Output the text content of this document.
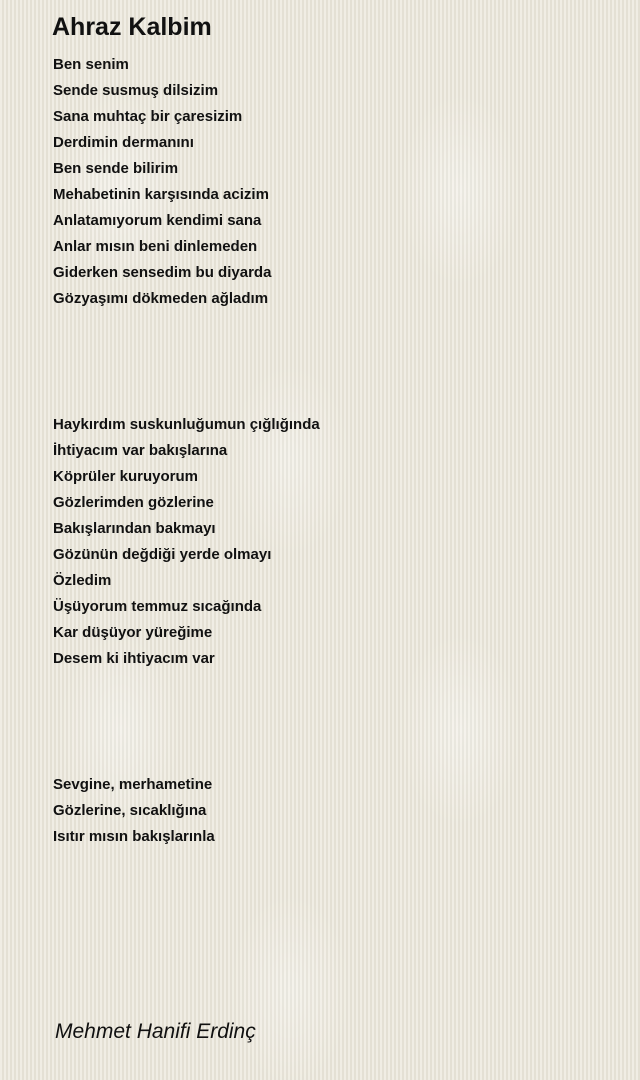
Ahraz Kalbim
Ben senim
Sende susmuş dilsizim
Sana muhtaç bir çaresizim
Derdimin dermanını
Ben sende bilirim
Mehabetinin karşısında acizim
Anlatamıyorum kendimi sana
Anlar mısın beni dinlemeden
Giderken sensedim bu diyarda
Gözyaşımı dökmeden ağladım
Haykırdım suskunluğumun çığlığında
İhtiyacım var bakışlarına
Köprüler kuruyorum
Gözlerimden gözlerine
Bakışlarından bakmayı
Gözünün değdiği yerde olmayı
Özledim
Üşüyorum temmuz sıcağında
Kar düşüyor yüreğime
Desem ki ihtiyacım var
Sevgine, merhametine
Gözlerine, sıcaklığına
Isıtır mısın bakışlarınla

Mehmet Hanifi Erdinç
